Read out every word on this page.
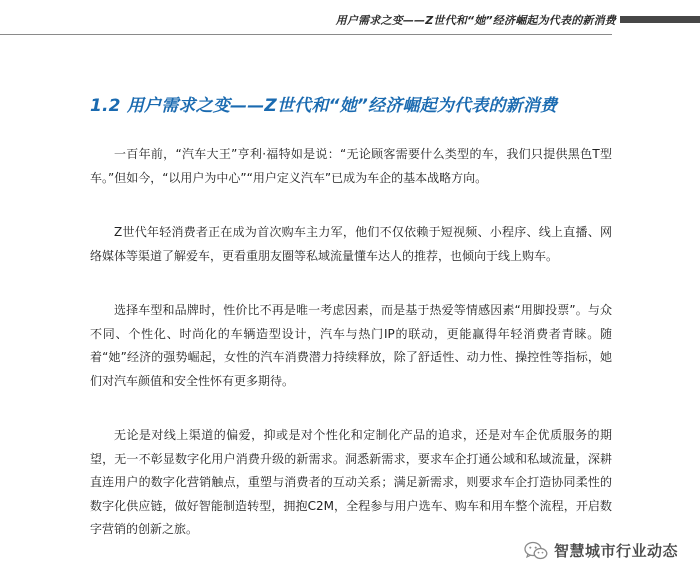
用户需求之变——Z世代和“她”经济崛起为代表的新消费
1.2 用户需求之变——Z世代和“她”经济崛起为代表的新消费

一百年前，“汽车大王”亨利·福特如是说：“无论顾客需要什么类型的车，我们只提供黑色T型车。”但如今，“以用户为中心”“用户定义汽车”已成为车企的基本战略方向。

Z世代年轻消费者正在成为首次购车主力军，他们不仅依赖于短视频、小程序、线上直播、网络媒体等渠道了解爱车，更看重朋友圈等私域流量懂车达人的推荐，也倾向于线上购车。

选择车型和品牌时，性价比不再是唯一考虑因素，而是基于热爱等情感因素“用脚投票”。与众不同、个性化、时尚化的车辆造型设计，汽车与热门IP的联动，更能赢得年轻消费者青睐。随着“她”经济的强势崛起，女性的汽车消费潜力持续释放，除了舒适性、动力性、操控性等指标，她们对汽车颜值和安全性怀有更多期待。

无论是对线上渠道的偏爱，抑或是对个性化和定制化产品的追求，还是对车企优质服务的期望，无一不彰显数字化用户消费升级的新需求。洞悉新需求，要求车企打通公域和私域流量，深耕直连用户的数字化营销触点，重塑与消费者的互动关系；满足新需求，则要求车企打造协同柔性的数字化供应链，做好智能制造转型，拥抱C2M，全程参与用户选车、购车和用车整个流程，开启数字营销的创新之旅。

智慧城市行业动态
